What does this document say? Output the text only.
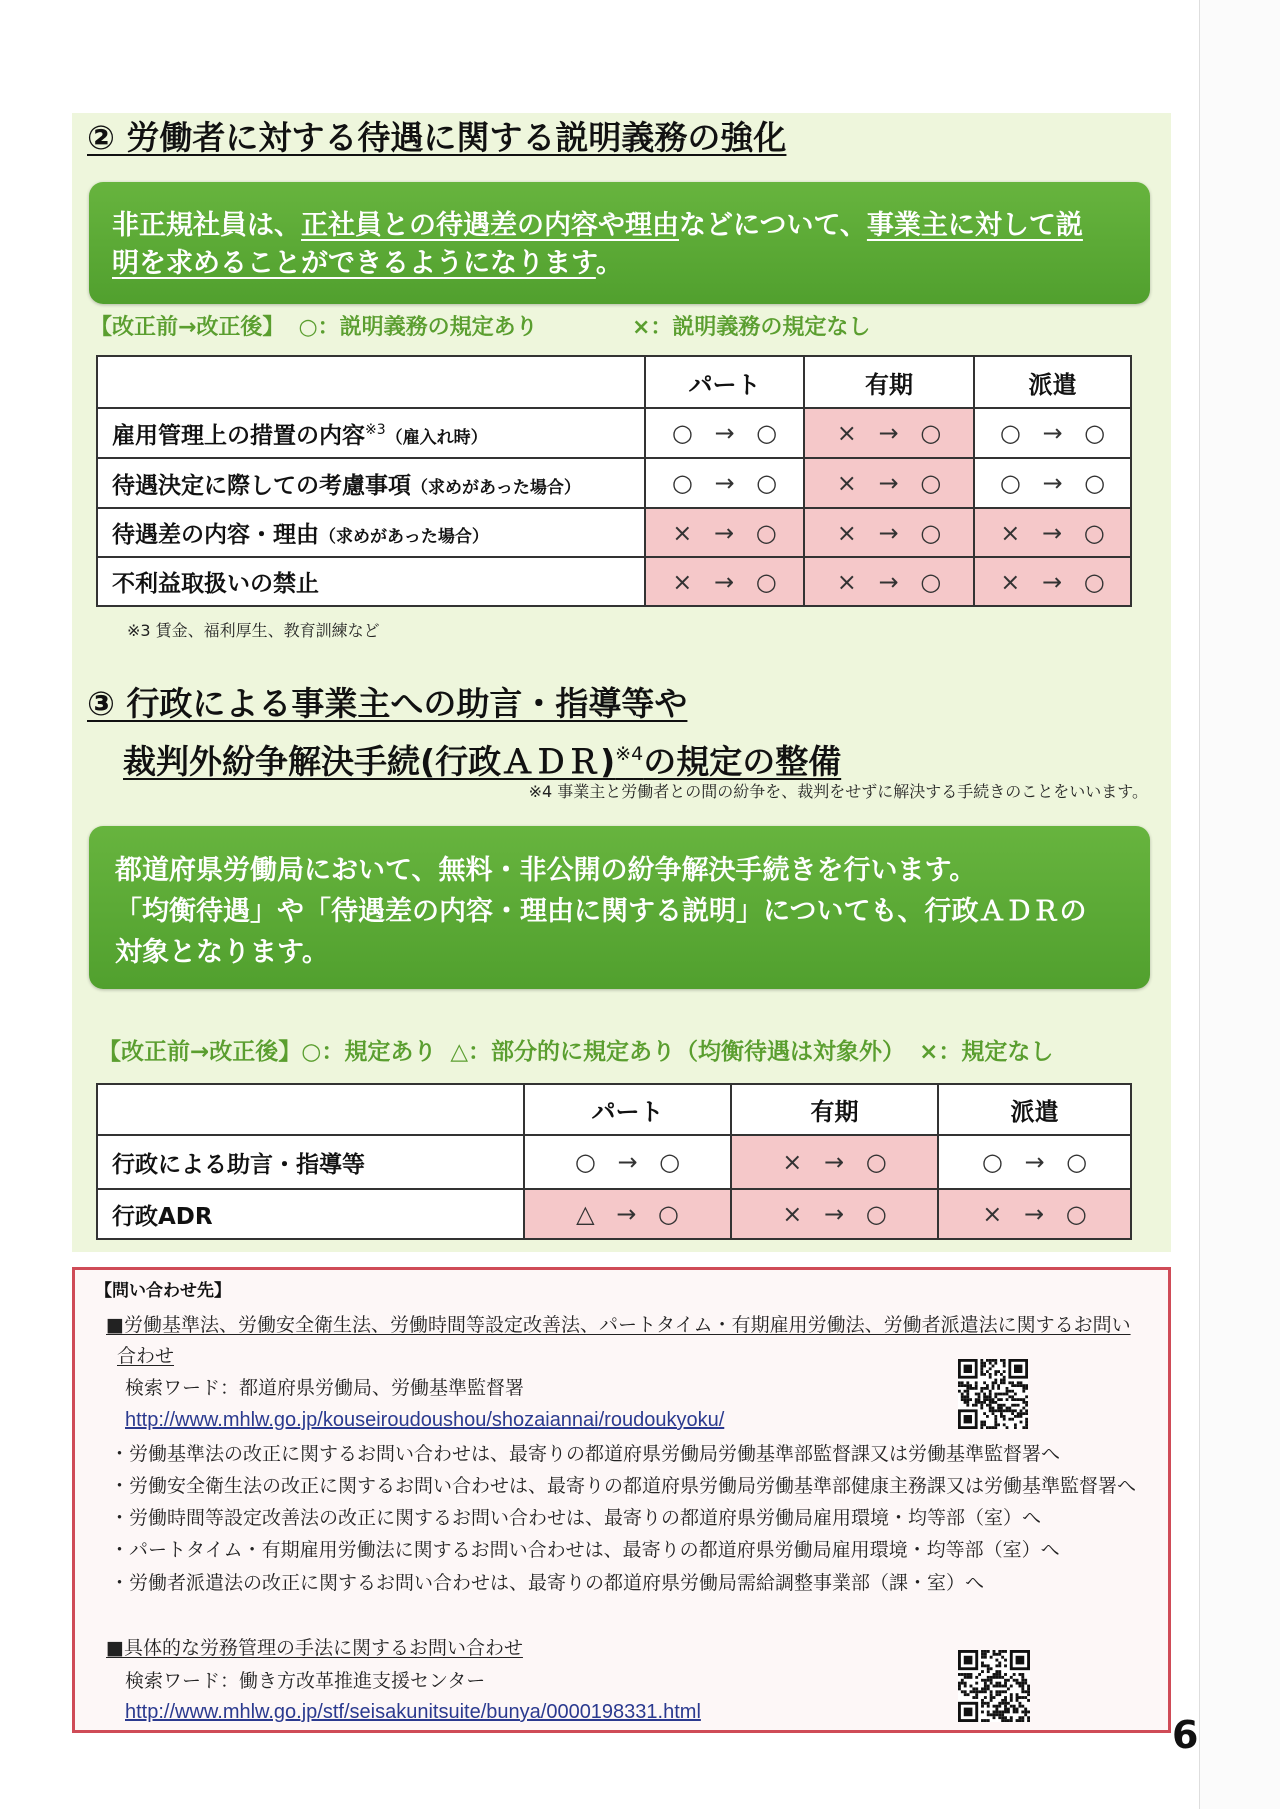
② 労働者に対する待遇に関する説明義務の強化
非正規社員は、正社員との待遇差の内容や理由などについて、事業主に対して説
明を求めることができるようになります。
【改正前→改正後】 ○：説明義務の規定あり	×：説明義務の規定なし
	パート	有期	派遣
雇用管理上の措置の内容$^{※3}$（雇入れ時）	○ → ○	× → ○	○ → ○
待遇決定に際しての考慮事項（求めがあった場合）	○ → ○	× → ○	○ → ○
待遇差の内容・理由（求めがあった場合）	× → ○	× → ○	× → ○
不利益取扱いの禁止	× → ○	× → ○	× → ○
※3 賃金、福利厚生、教育訓練など
③ 行政による事業主への助言・指導等や
裁判外紛争解決手続(行政ＡＤＲ)$^{※4}$の規定の整備
※4 事業主と労働者との間の紛争を、裁判をせずに解決する手続きのことをいいます。
都道府県労働局において、無料・非公開の紛争解決手続きを行います。
「均衡待遇」や「待遇差の内容・理由に関する説明」についても、行政ＡＤＲの
対象となります。
【改正前→改正後】○：規定あり △：部分的に規定あり（均衡待遇は対象外） ×：規定なし
	パート	有期	派遣
行政による助言・指導等	○ → ○	× → ○	○ → ○
行政ADR	△ → ○	× → ○	× → ○
【問い合わせ先】
■労働基準法、労働安全衛生法、労働時間等設定改善法、パートタイム・有期雇用労働法、労働者派遣法に関するお問い
合わせ
検索ワード：都道府県労働局、労働基準監督署
http://www.mhlw.go.jp/kouseiroudoushou/shozaiannai/roudoukyoku/
・労働基準法の改正に関するお問い合わせは、最寄りの都道府県労働局労働基準部監督課又は労働基準監督署へ
・労働安全衛生法の改正に関するお問い合わせは、最寄りの都道府県労働局労働基準部健康主務課又は労働基準監督署へ
・労働時間等設定改善法の改正に関するお問い合わせは、最寄りの都道府県労働局雇用環境・均等部（室）へ
・パートタイム・有期雇用労働法に関するお問い合わせは、最寄りの都道府県労働局雇用環境・均等部（室）へ
・労働者派遣法の改正に関するお問い合わせは、最寄りの都道府県労働局需給調整事業部（課・室）へ
■具体的な労務管理の手法に関するお問い合わせ
検索ワード：働き方改革推進支援センター
http://www.mhlw.go.jp/stf/seisakunitsuite/bunya/0000198331.html
6
